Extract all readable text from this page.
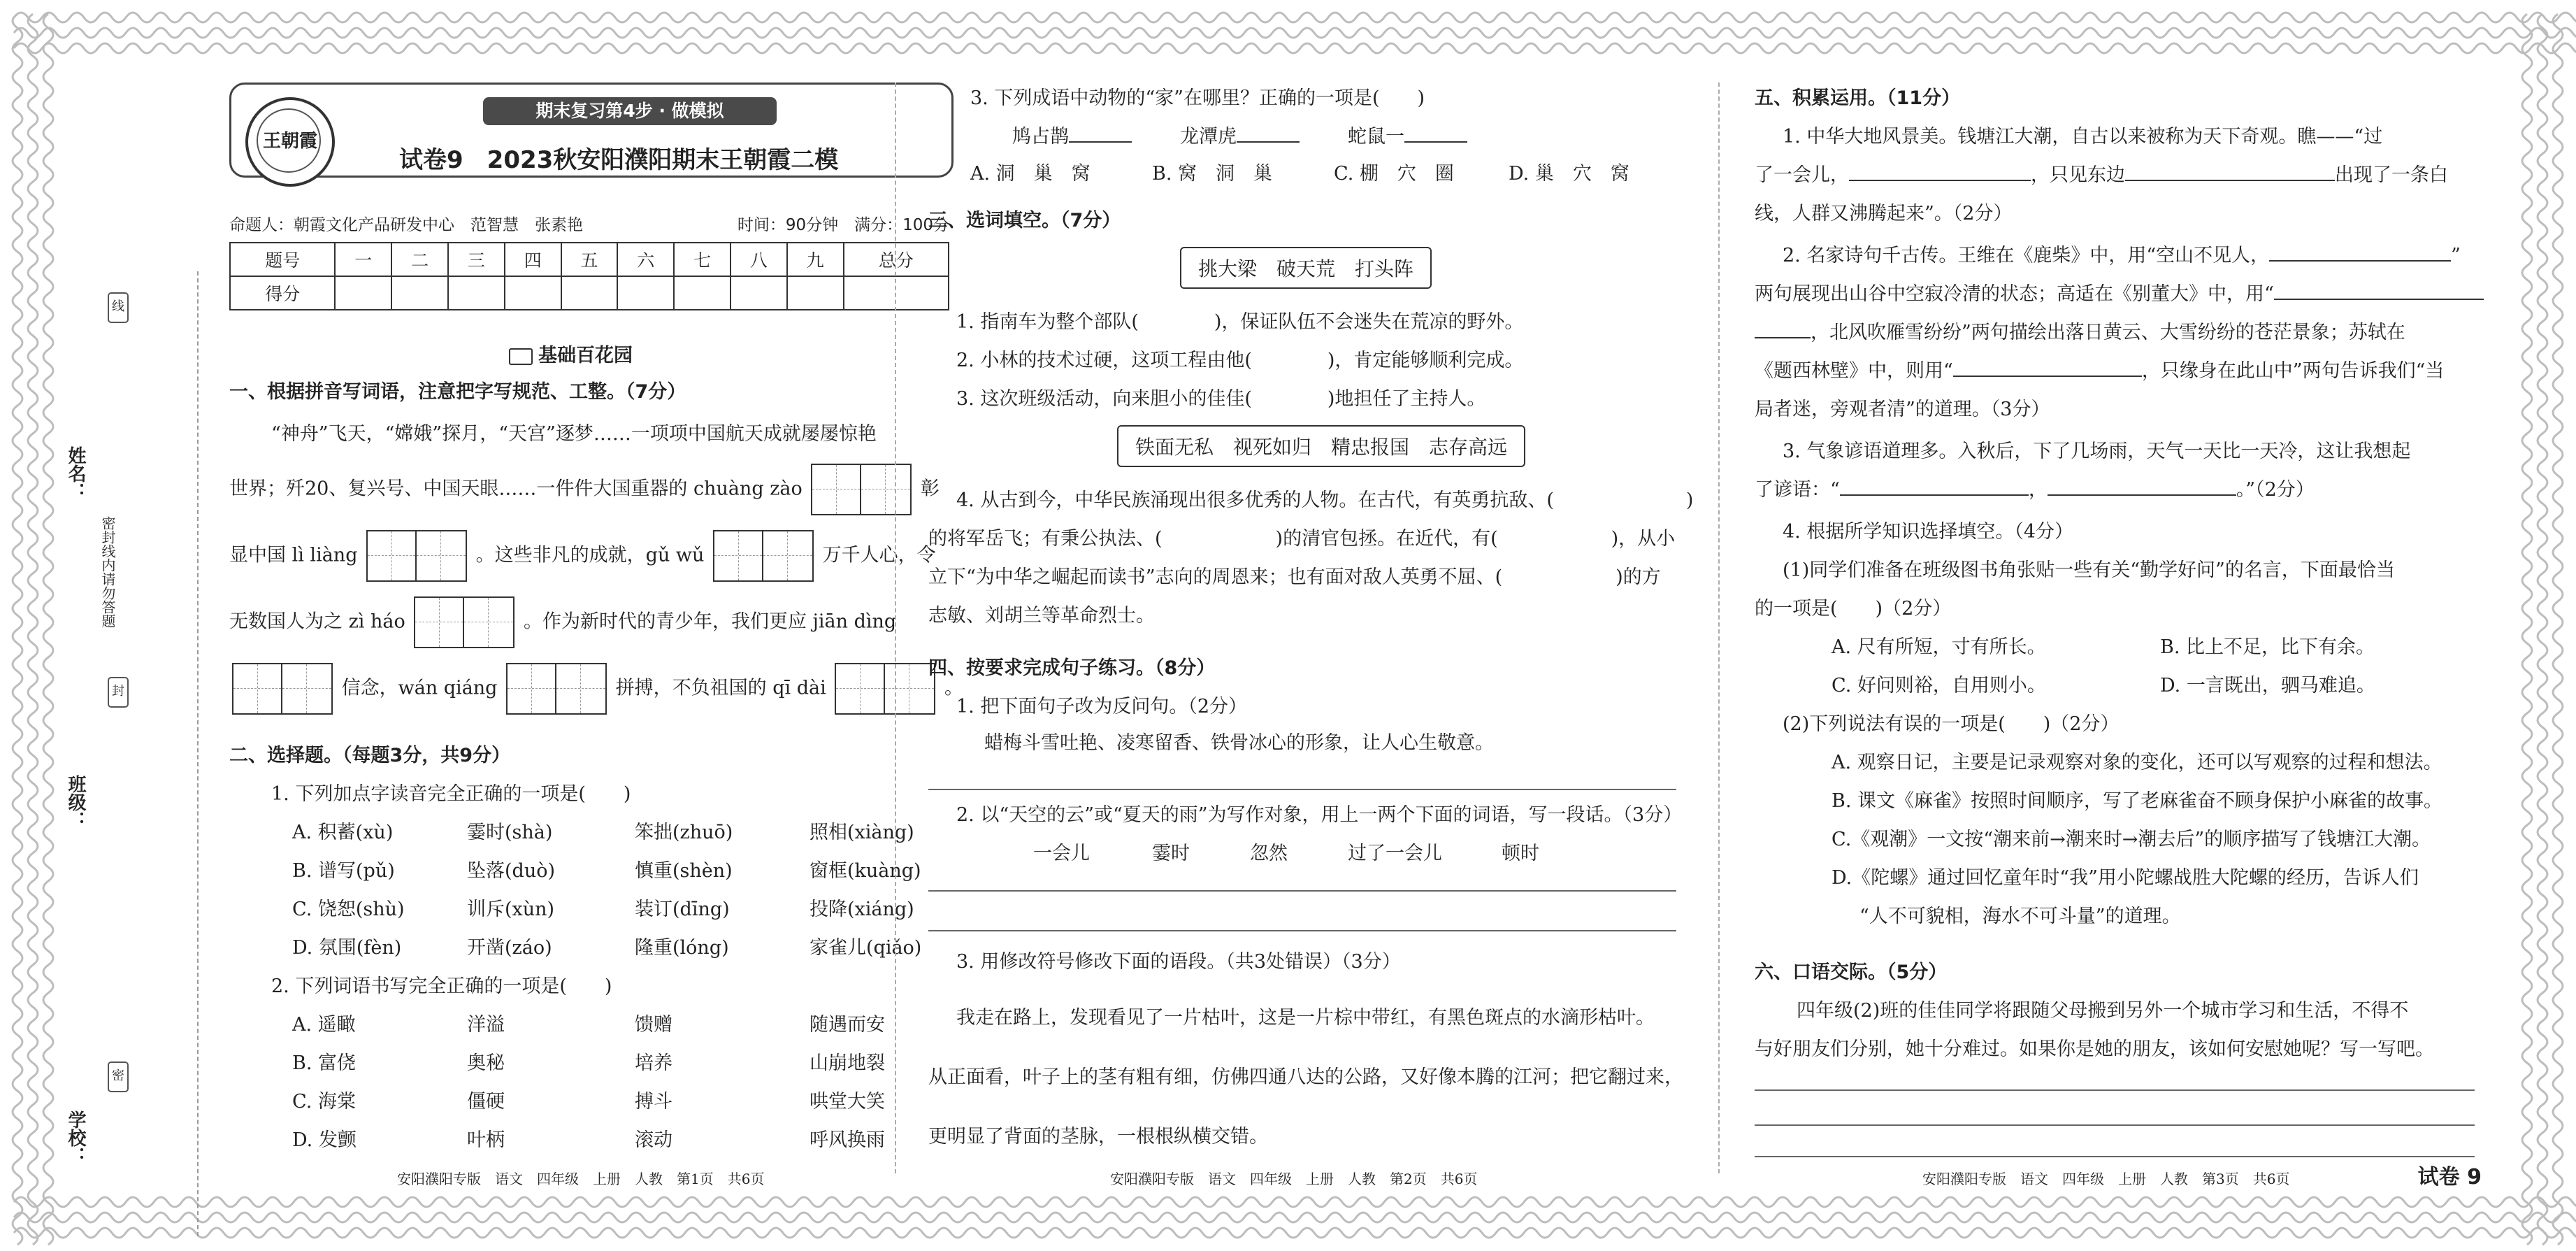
姓名：
班级：
学校：
密封线内请勿答题
线
封
密
期末复习第4步 · 做模拟
王朝霞
试卷9　2023秋安阳濮阳期末王朝霞二模
命题人：朝霞文化产品研发中心　范智慧　张素艳	时间：90分钟　满分：100分
题号	一	二	三	四	五	六	七	八	九	总分
得分										
基础百花园
一、根据拼音写词语，注意把字写规范、工整。（7分）
“神舟”飞天，“嫦娥”探月，“天宫”逐梦……一项项中国航天成就屡屡惊艳
世界；歼20、复兴号、中国天眼……一件件大国重器的 chuàng zào	彰
显中国 lì liàng	。这些非凡的成就，gǔ wǔ	万千人心，令
无数国人为之 zì háo	。作为新时代的青少年，我们更应 jiān dìng
信念，wán qiáng	拼搏，不负祖国的 qī dài	。
二、选择题。（每题3分，共9分）
1. 下列加点字读音完全正确的一项是(　　)
A. 积蓄(xù)	霎时(shà)	笨拙(zhuō)	照相(xiàng)
B. 谱写(pǔ)	坠落(duò)	慎重(shèn)	窗框(kuàng)
C. 饶恕(shù)	训斥(xùn)	装订(dīng)	投降(xiáng)
D. 氛围(fèn)	开凿(záo)	隆重(lóng)	家雀儿(qiǎo)
2. 下列词语书写完全正确的一项是(　　)
A. 遥瞰	洋溢	馈赠	随遇而安
B. 富侥	奥秘	培养	山崩地裂
C. 海棠	僵硬	搏斗	哄堂大笑
D. 发颤	叶柄	滚动	呼风换雨
安阳濮阳专版　语文　四年级　上册　人教　第1页　共6页
3. 下列成语中动物的“家”在哪里？正确的一项是(　　)
鸠占鹊	龙潭虎	蛇鼠一
A. 洞　巢　窝	B. 窝　洞　巢	C. 棚　穴　圈	D. 巢　穴　窝
三、选词填空。（7分）
挑大梁　破天荒　打头阵
1. 指南车为整个部队(　　　　)，保证队伍不会迷失在荒凉的野外。
2. 小林的技术过硬，这项工程由他(　　　　)，肯定能够顺利完成。
3. 这次班级活动，向来胆小的佳佳(　　　　)地担任了主持人。
铁面无私　视死如归　精忠报国　志存高远
4. 从古到今，中华民族涌现出很多优秀的人物。在古代，有英勇抗敌、(　　　　　　　)
的将军岳飞；有秉公执法、(　　　　　　)的清官包拯。在近代，有(　　　　　　)，从小
立下“为中华之崛起而读书”志向的周恩来；也有面对敌人英勇不屈、(　　　　　　)的方
志敏、刘胡兰等革命烈士。
四、按要求完成句子练习。（8分）
1. 把下面句子改为反问句。（2分）
蜡梅斗雪吐艳、凌寒留香、铁骨冰心的形象，让人心生敬意。
2. 以“天空的云”或“夏天的雨”为写作对象，用上一两个下面的词语，写一段话。（3分）
一会儿	霎时	忽然	过了一会儿	顿时
3. 用修改符号修改下面的语段。（共3处错误）（3分）
我走在路上，发现看见了一片枯叶，这是一片棕中带红，有黑色斑点的水滴形枯叶。
从正面看，叶子上的茎有粗有细，仿佛四通八达的公路，又好像本腾的江河；把它翻过来，
更明显了背面的茎脉，一根根纵横交错。
安阳濮阳专版　语文　四年级　上册　人教　第2页　共6页
五、积累运用。（11分）
1. 中华大地风景美。钱塘江大潮，自古以来被称为天下奇观。瞧——“过
了一会儿，	，只见东边	出现了一条白
线，人群又沸腾起来”。（2分）
2. 名家诗句千古传。王维在《鹿柴》中，用“空山不见人，	”
两句展现出山谷中空寂冷清的状态；高适在《别董大》中，用“
，北风吹雁雪纷纷”两句描绘出落日黄云、大雪纷纷的苍茫景象；苏轼在
《题西林壁》中，则用“	，只缘身在此山中”两句告诉我们“当
局者迷，旁观者清”的道理。（3分）
3. 气象谚语道理多。入秋后，下了几场雨，天气一天比一天冷，这让我想起
了谚语：“	，	。”（2分）
4. 根据所学知识选择填空。（4分）
(1)同学们准备在班级图书角张贴一些有关“勤学好问”的名言，下面最恰当
的一项是(　　)（2分）
A. 尺有所短，寸有所长。	B. 比上不足，比下有余。
C. 好问则裕，自用则小。	D. 一言既出，驷马难追。
(2)下列说法有误的一项是(　　)（2分）
A. 观察日记，主要是记录观察对象的变化，还可以写观察的过程和想法。
B. 课文《麻雀》按照时间顺序，写了老麻雀奋不顾身保护小麻雀的故事。
C.《观潮》一文按“潮来前→潮来时→潮去后”的顺序描写了钱塘江大潮。
D.《陀螺》通过回忆童年时“我”用小陀螺战胜大陀螺的经历，告诉人们
“人不可貌相，海水不可斗量”的道理。
六、口语交际。（5分）
四年级(2)班的佳佳同学将跟随父母搬到另外一个城市学习和生活，不得不
与好朋友们分别，她十分难过。如果你是她的朋友，该如何安慰她呢？写一写吧。
安阳濮阳专版　语文　四年级　上册　人教　第3页　共6页	试卷 9
